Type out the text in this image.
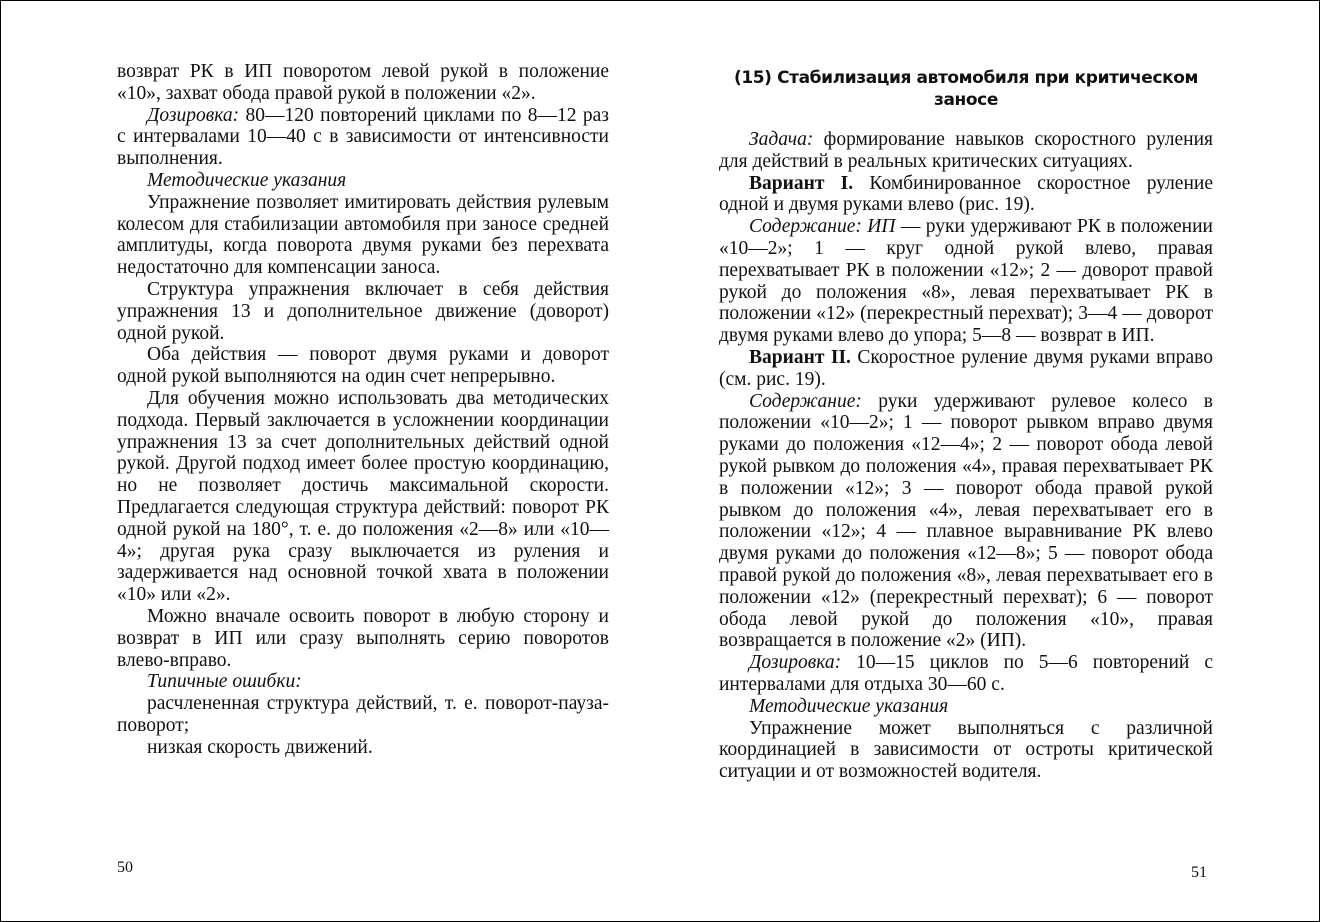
возврат РК в ИП поворотом левой рукой в положение «10», захват обода правой рукой в положении «2».

Дозировка: 80—120 повторений циклами по 8—12 раз с интервалами 10—40 с в зависимости от интенсивности выполнения.

Методические указания

Упражнение позволяет имитировать действия рулевым колесом для стабилизации автомобиля при заносе средней амплитуды, когда поворота двумя руками без перехвата недостаточно для компенсации заноса.

Структура упражнения включает в себя действия упражнения 13 и дополнительное движение (доворот) одной рукой.

Оба действия — поворот двумя руками и доворот одной рукой выполняются на один счет непрерывно.

Для обучения можно использовать два методических подхода. Первый заключается в усложнении координации упражнения 13 за счет дополнительных действий одной рукой. Другой подход имеет более простую координацию, но не позволяет достичь максимальной скорости. Предлагается следующая структура действий: поворот РК одной рукой на 180°, т. е. до положения «2—8» или «10—4»; другая рука сразу выключается из руления и задерживается над основной точкой хвата в положении «10» или «2».

Можно вначале освоить поворот в любую сторону и возврат в ИП или сразу выполнять серию поворотов влево-вправо.

Типичные ошибки:

расчлененная структура действий, т. е. поворот-пауза-поворот;

низкая скорость движений.

50
(15) Стабилизация автомобиля при критическом заносе

Задача: формирование навыков скоростного руления для действий в реальных критических ситуациях.

Вариант I. Комбинированное скоростное руление одной и двумя руками влево (рис. 19).

Содержание: ИП — руки удерживают РК в положении «10—2»; 1 — круг одной рукой влево, правая перехватывает РК в положении «12»; 2 — доворот правой рукой до положения «8», левая перехватывает РК в положении «12» (перекрестный перехват); 3—4 — доворот двумя руками влево до упора; 5—8 — возврат в ИП.

Вариант II. Скоростное руление двумя руками вправо (см. рис. 19).

Содержание: руки удерживают рулевое колесо в положении «10—2»; 1 — поворот рывком вправо двумя руками до положения «12—4»; 2 — поворот обода левой рукой рывком до положения «4», правая перехватывает РК в положении «12»; 3 — поворот обода правой рукой рывком до положения «4», левая перехватывает его в положении «12»; 4 — плавное выравнивание РК влево двумя руками до положения «12—8»; 5 — поворот обода правой рукой до положения «8», левая перехватывает его в положении «12» (перекрестный перехват); 6 — поворот обода левой рукой до положения «10», правая возвращается в положение «2» (ИП).

Дозировка: 10—15 циклов по 5—6 повторений с интервалами для отдыха 30—60 с.

Методические указания

Упражнение может выполняться с различной координацией в зависимости от остроты критической ситуации и от возможностей водителя.

51
